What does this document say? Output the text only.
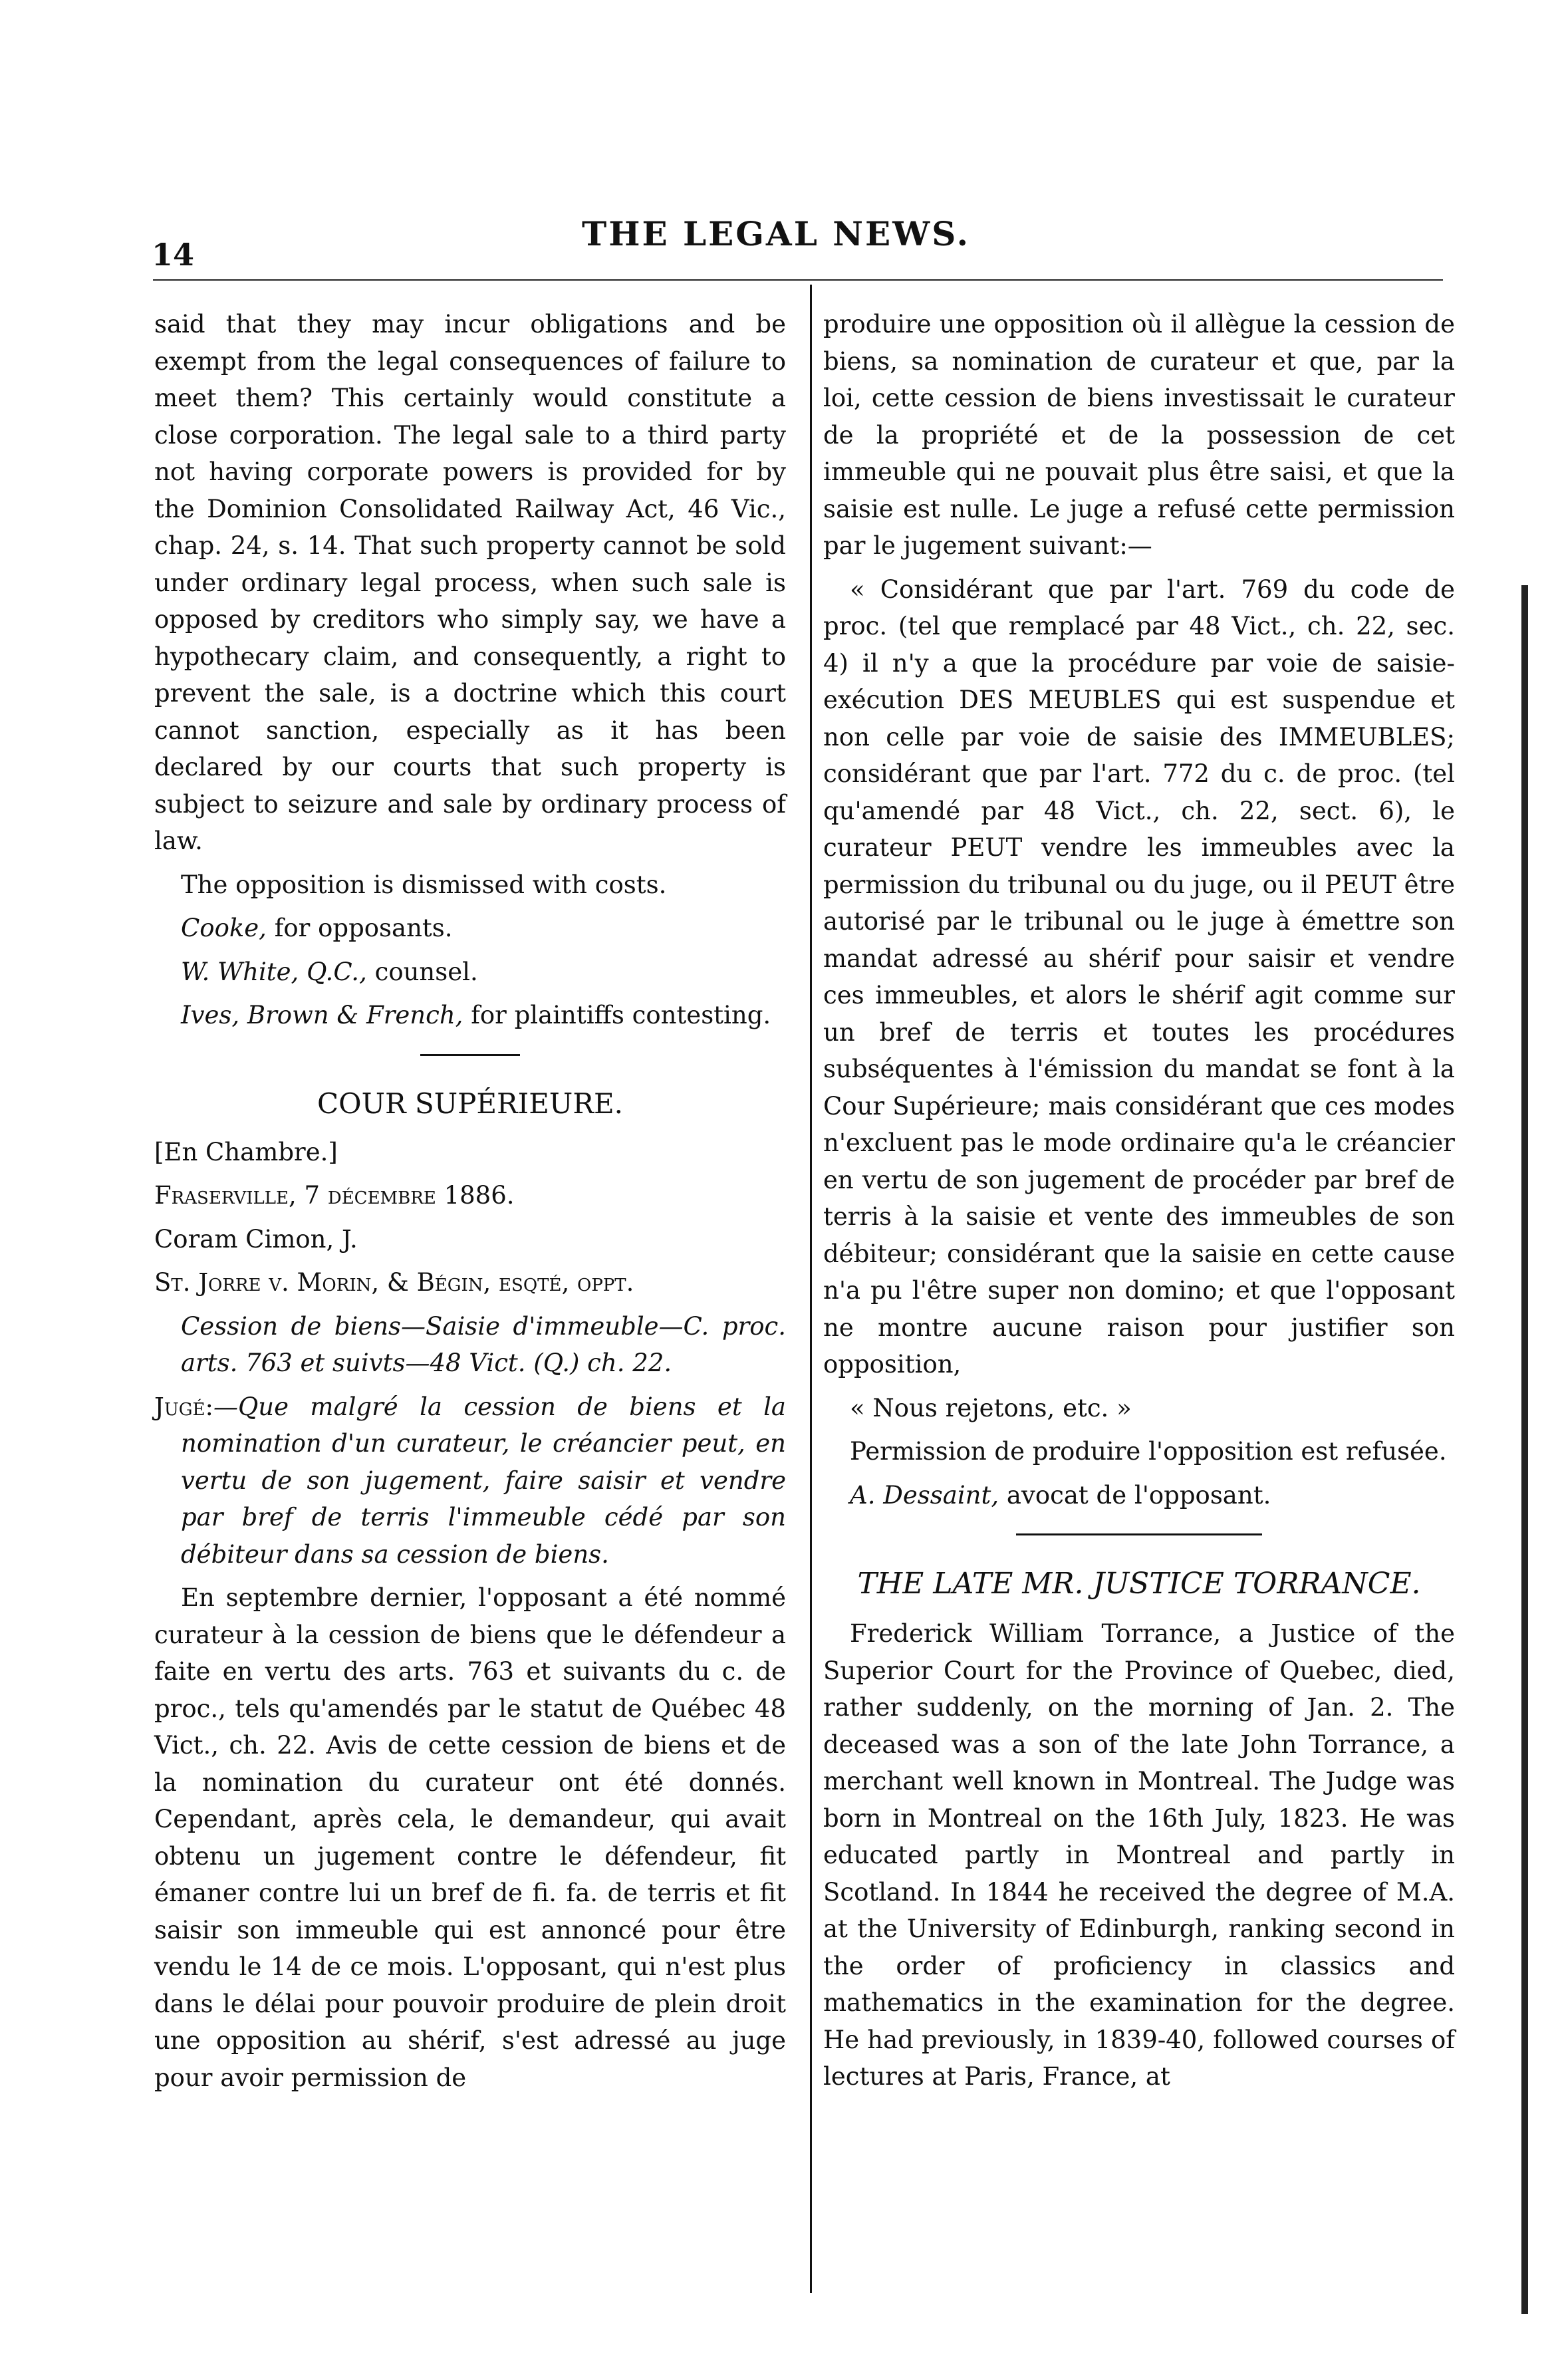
14
THE LEGAL NEWS.

said that they may incur obligations and be exempt from the legal consequences of failure to meet them? This certainly would constitute a close corporation. The legal sale to a third party not having corporate powers is provided for by the Dominion Consolidated Railway Act, 46 Vic., chap. 24, s. 14. That such property cannot be sold under ordinary legal process, when such sale is opposed by creditors who simply say, we have a hypothecary claim, and consequently, a right to prevent the sale, is a doctrine which this court cannot sanction, especially as it has been declared by our courts that such property is subject to seizure and sale by ordinary process of law.

The opposition is dismissed with costs.

Cooke, for opposants.

W. White, Q.C., counsel.

Ives, Brown & French, for plaintiffs contesting.

COUR SUPÉRIEURE.

[En Chambre.]

Fraserville, 7 décembre 1886.

Coram Cimon, J.

St. Jorre v. Morin, & Bégin, esqté, oppt.

Cession de biens—Saisie d'immeuble—C. proc. arts. 763 et suivts—48 Vict. (Q.) ch. 22.

Jugé:—Que malgré la cession de biens et la nomination d'un curateur, le créancier peut, en vertu de son jugement, faire saisir et vendre par bref de terris l'immeuble cédé par son débiteur dans sa cession de biens.

En septembre dernier, l'opposant a été nommé curateur à la cession de biens que le défendeur a faite en vertu des arts. 763 et suivants du c. de proc., tels qu'amendés par le statut de Québec 48 Vict., ch. 22. Avis de cette cession de biens et de la nomination du curateur ont été donnés. Cependant, après cela, le demandeur, qui avait obtenu un jugement contre le défendeur, fit émaner contre lui un bref de fi. fa. de terris et fit saisir son immeuble qui est annoncé pour être vendu le 14 de ce mois. L'opposant, qui n'est plus dans le délai pour pouvoir produire de plein droit une opposition au shérif, s'est adressé au juge pour avoir permission de

produire une opposition où il allègue la cession de biens, sa nomination de curateur et que, par la loi, cette cession de biens investissait le curateur de la propriété et de la possession de cet immeuble qui ne pouvait plus être saisi, et que la saisie est nulle. Le juge a refusé cette permission par le jugement suivant:—

« Considérant que par l'art. 769 du code de proc. (tel que remplacé par 48 Vict., ch. 22, sec. 4) il n'y a que la procédure par voie de saisie-exécution DES MEUBLES qui est suspendue et non celle par voie de saisie des IMMEUBLES; considérant que par l'art. 772 du c. de proc. (tel qu'amendé par 48 Vict., ch. 22, sect. 6), le curateur PEUT vendre les immeubles avec la permission du tribunal ou du juge, ou il PEUT être autorisé par le tribunal ou le juge à émettre son mandat adressé au shérif pour saisir et vendre ces immeubles, et alors le shérif agit comme sur un bref de terris et toutes les procédures subséquentes à l'émission du mandat se font à la Cour Supérieure; mais considérant que ces modes n'excluent pas le mode ordinaire qu'a le créancier en vertu de son jugement de procéder par bref de terris à la saisie et vente des immeubles de son débiteur; considérant que la saisie en cette cause n'a pu l'être super non domino; et que l'opposant ne montre aucune raison pour justifier son opposition,

« Nous rejetons, etc. »

Permission de produire l'opposition est refusée.

A. Dessaint, avocat de l'opposant.

THE LATE MR. JUSTICE TORRANCE.

Frederick William Torrance, a Justice of the Superior Court for the Province of Quebec, died, rather suddenly, on the morning of Jan. 2. The deceased was a son of the late John Torrance, a merchant well known in Montreal. The Judge was born in Montreal on the 16th July, 1823. He was educated partly in Montreal and partly in Scotland. In 1844 he received the degree of M.A. at the University of Edinburgh, ranking second in the order of proficiency in classics and mathematics in the examination for the degree. He had previously, in 1839-40, followed courses of lectures at Paris, France, at
